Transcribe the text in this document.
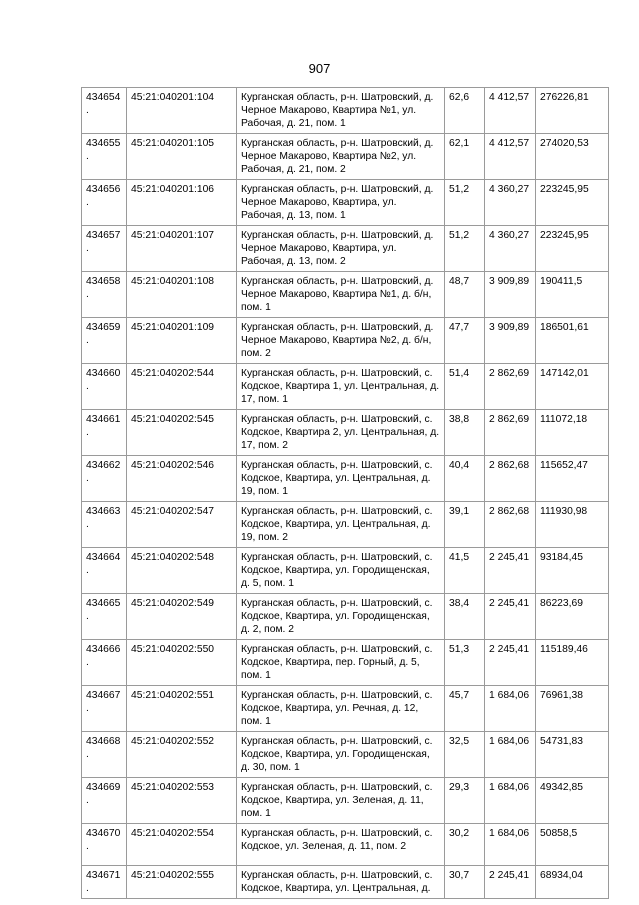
907
434654.	45:21:040201:104	Курганская область, р-н. Шатровский, д. Черное Макарово, Квартира №1, ул. Рабочая, д. 21, пом. 1	62,6	4 412,57	276226,81
434655.	45:21:040201:105	Курганская область, р-н. Шатровский, д. Черное Макарово, Квартира №2, ул. Рабочая, д. 21, пом. 2	62,1	4 412,57	274020,53
434656.	45:21:040201:106	Курганская область, р-н. Шатровский, д. Черное Макарово, Квартира, ул. Рабочая, д. 13, пом. 1	51,2	4 360,27	223245,95
434657.	45:21:040201:107	Курганская область, р-н. Шатровский, д. Черное Макарово, Квартира, ул. Рабочая, д. 13, пом. 2	51,2	4 360,27	223245,95
434658.	45:21:040201:108	Курганская область, р-н. Шатровский, д. Черное Макарово, Квартира №1, д. б/н, пом. 1	48,7	3 909,89	190411,5
434659.	45:21:040201:109	Курганская область, р-н. Шатровский, д. Черное Макарово, Квартира №2, д. б/н, пом. 2	47,7	3 909,89	186501,61
434660.	45:21:040202:544	Курганская область, р-н. Шатровский, с. Кодское, Квартира 1, ул. Центральная, д. 17, пом. 1	51,4	2 862,69	147142,01
434661.	45:21:040202:545	Курганская область, р-н. Шатровский, с. Кодское, Квартира 2, ул. Центральная, д. 17, пом. 2	38,8	2 862,69	111072,18
434662.	45:21:040202:546	Курганская область, р-н. Шатровский, с. Кодское, Квартира, ул. Центральная, д. 19, пом. 1	40,4	2 862,68	115652,47
434663.	45:21:040202:547	Курганская область, р-н. Шатровский, с. Кодское, Квартира, ул. Центральная, д. 19, пом. 2	39,1	2 862,68	111930,98
434664.	45:21:040202:548	Курганская область, р-н. Шатровский, с. Кодское, Квартира, ул. Городищенская, д. 5, пом. 1	41,5	2 245,41	93184,45
434665.	45:21:040202:549	Курганская область, р-н. Шатровский, с. Кодское, Квартира, ул. Городищенская, д. 2, пом. 2	38,4	2 245,41	86223,69
434666.	45:21:040202:550	Курганская область, р-н. Шатровский, с. Кодское, Квартира, пер. Горный, д. 5, пом. 1	51,3	2 245,41	115189,46
434667.	45:21:040202:551	Курганская область, р-н. Шатровский, с. Кодское, Квартира, ул. Речная, д. 12, пом. 1	45,7	1 684,06	76961,38
434668.	45:21:040202:552	Курганская область, р-н. Шатровский, с. Кодское, Квартира, ул. Городищенская, д. 30, пом. 1	32,5	1 684,06	54731,83
434669.	45:21:040202:553	Курганская область, р-н. Шатровский, с. Кодское, Квартира, ул. Зеленая, д. 11, пом. 1	29,3	1 684,06	49342,85
434670.	45:21:040202:554	Курганская область, р-н. Шатровский, с. Кодское, ул. Зеленая, д. 11, пом. 2	30,2	1 684,06	50858,5
434671.	45:21:040202:555	Курганская область, р-н. Шатровский, с. Кодское, Квартира, ул. Центральная, д.	30,7	2 245,41	68934,04
